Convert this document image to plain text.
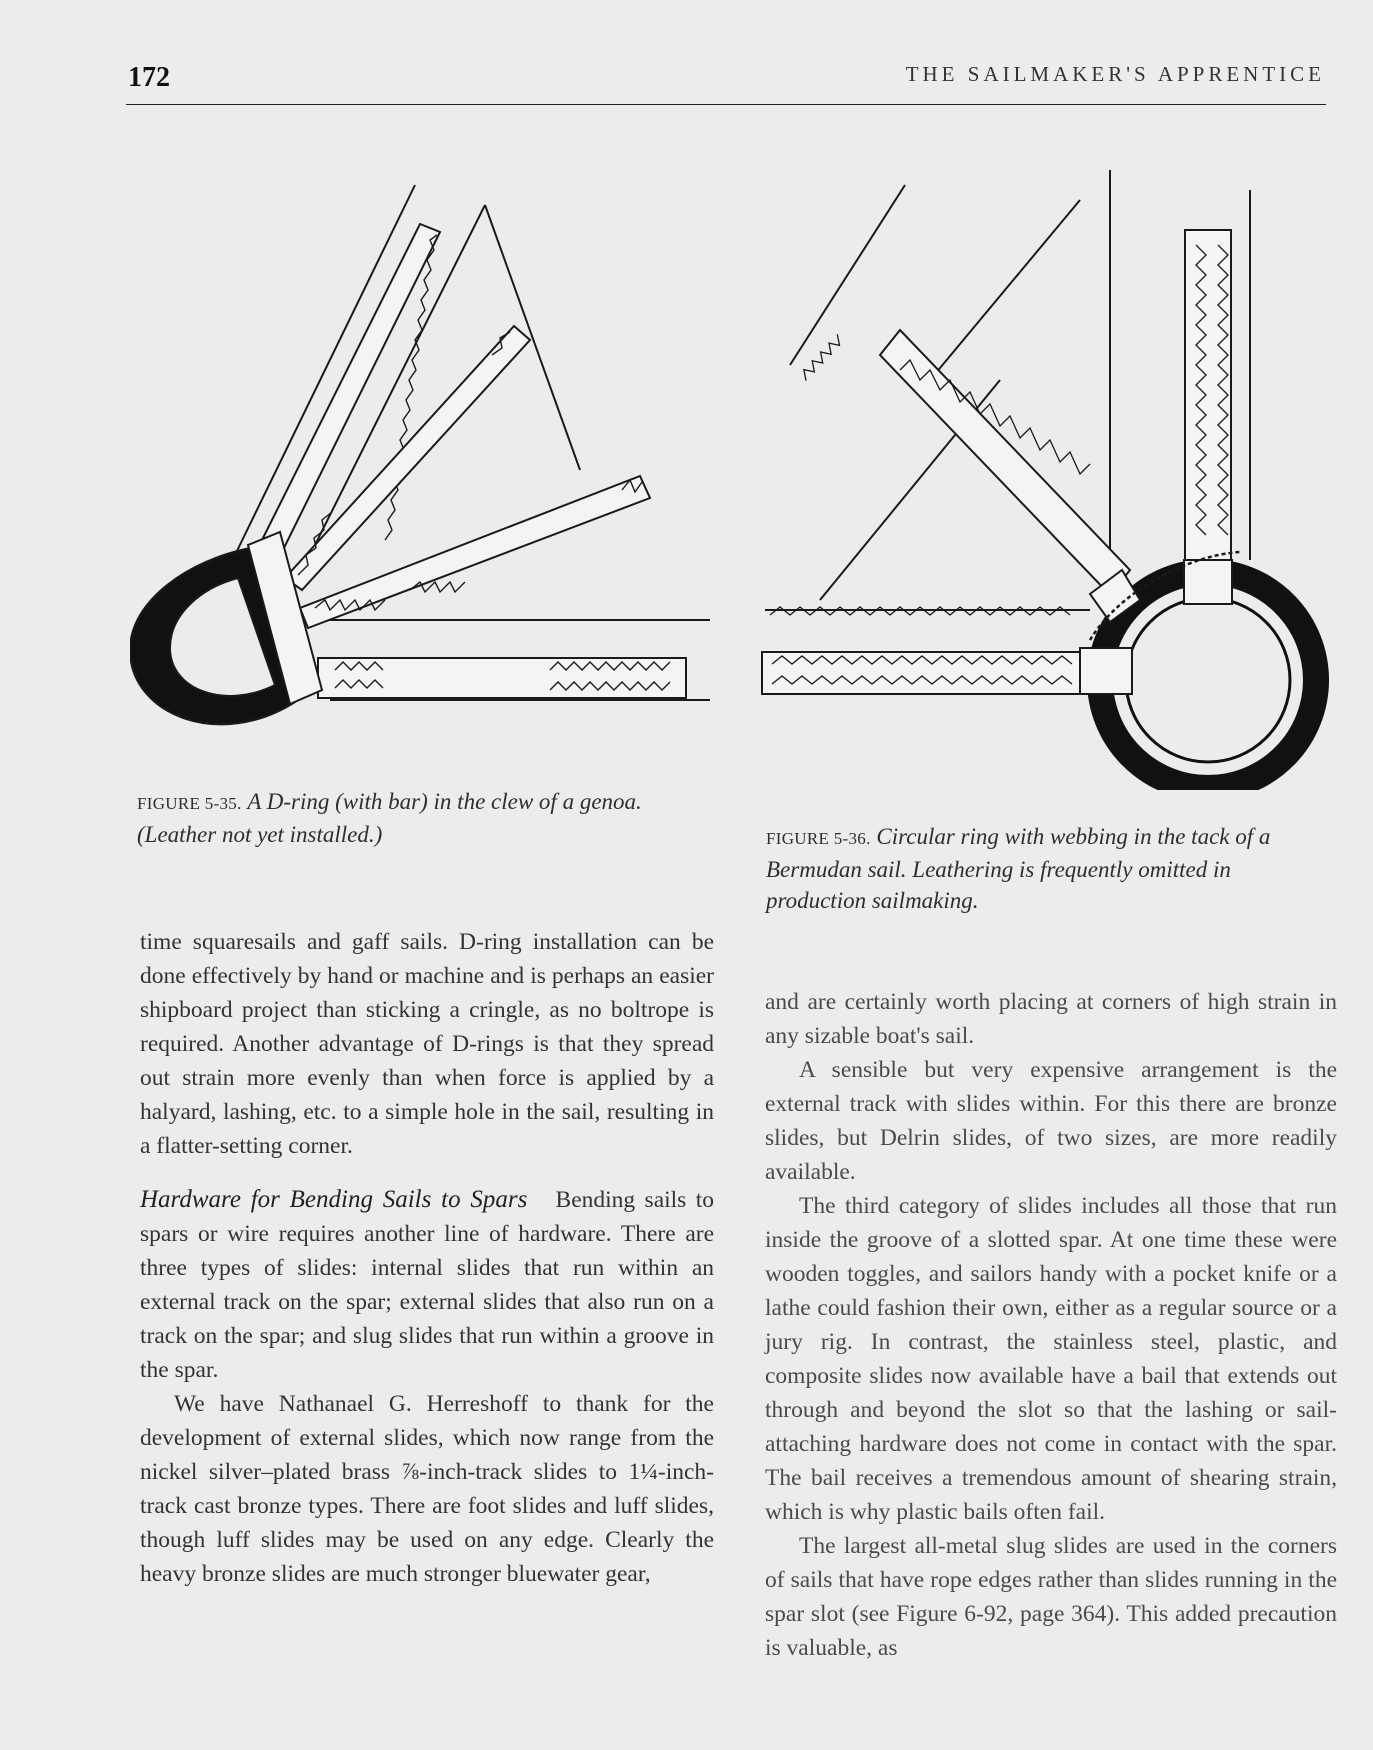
172	THE SAILMAKER'S APPRENTICE
FIGURE 5-35. A D-ring (with bar) in the clew of a genoa. (Leather not yet installed.)	FIGURE 5-36. Circular ring with webbing in the tack of a Bermudan sail. Leathering is frequently omitted in production sailmaking.

time squaresails and gaff sails. D-ring installation can be done effectively by hand or machine and is perhaps an easier shipboard project than sticking a cringle, as no boltrope is required. Another advantage of D-rings is that they spread out strain more evenly than when force is applied by a halyard, lashing, etc. to a simple hole in the sail, resulting in a flatter-setting corner.

Hardware for Bending Sails to Spars Bending sails to spars or wire requires another line of hardware. There are three types of slides: internal slides that run within an external track on the spar; external slides that also run on a track on the spar; and slug slides that run within a groove in the spar.

We have Nathanael G. Herreshoff to thank for the development of external slides, which now range from the nickel silver–plated brass ⅞-inch-track slides to 1¼-inch-track cast bronze types. There are foot slides and luff slides, though luff slides may be used on any edge. Clearly the heavy bronze slides are much stronger bluewater gear,

and are certainly worth placing at corners of high strain in any sizable boat's sail.

A sensible but very expensive arrangement is the external track with slides within. For this there are bronze slides, but Delrin slides, of two sizes, are more readily available.

The third category of slides includes all those that run inside the groove of a slotted spar. At one time these were wooden toggles, and sailors handy with a pocket knife or a lathe could fashion their own, either as a regular source or a jury rig. In contrast, the stainless steel, plastic, and composite slides now available have a bail that extends out through and beyond the slot so that the lashing or sail-attaching hardware does not come in contact with the spar. The bail receives a tremendous amount of shearing strain, which is why plastic bails often fail.

The largest all-metal slug slides are used in the corners of sails that have rope edges rather than slides running in the spar slot (see Figure 6-92, page 364). This added precaution is valuable, as
